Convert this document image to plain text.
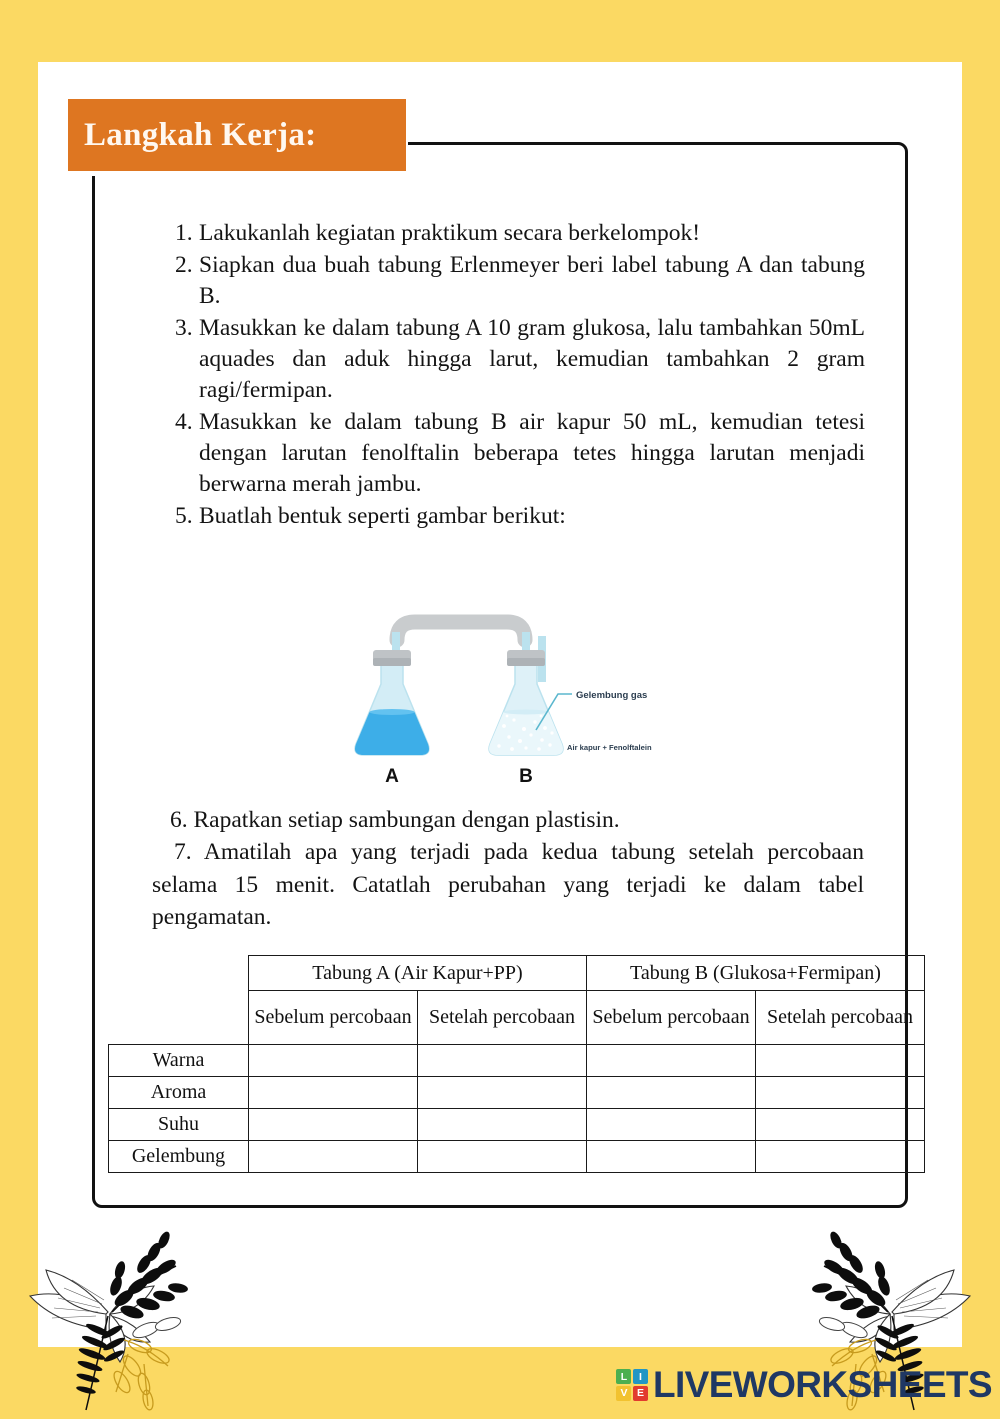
Langkah Kerja:
1. Lakukanlah kegiatan praktikum secara berkelompok!
2. Siapkan dua buah tabung Erlenmeyer beri label tabung A dan tabung B.
3. Masukkan ke dalam tabung A 10 gram glukosa, lalu tambahkan 50mL aquades dan aduk hingga larut, kemudian tambahkan 2 gram ragi/fermipan.
4. Masukkan ke dalam tabung B air kapur 50 mL, kemudian tetesi dengan larutan fenolftalin beberapa tetes hingga larutan menjadi berwarna merah jambu.
5. Buatlah bentuk seperti gambar berikut:
A	B
Gelembung gas
Air kapur + Fenolftalein
6. Rapatkan setiap sambungan dengan plastisin.
7. Amatilah apa yang terjadi pada kedua tabung setelah percobaan selama 15 menit. Catatlah perubahan yang terjadi ke dalam tabel pengamatan.
	Tabung A (Air Kapur+PP)		Tabung B (Glukosa+Fermipan)	
	Sebelum percobaan	Setelah percobaan	Sebelum percobaan	Setelah percobaan
Warna				
Aroma				
Suhu				
Gelembung				
L	I
V E LIVEWORKSHEETS
